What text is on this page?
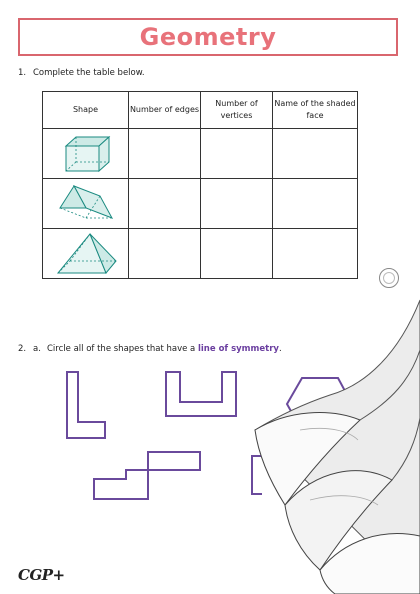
Geometry
1. Complete the table below.
Shape	Number of edges	Number of vertices	Name of the shaded face

2. a. Circle all of the shapes that have a line of symmetry.
CGP+
